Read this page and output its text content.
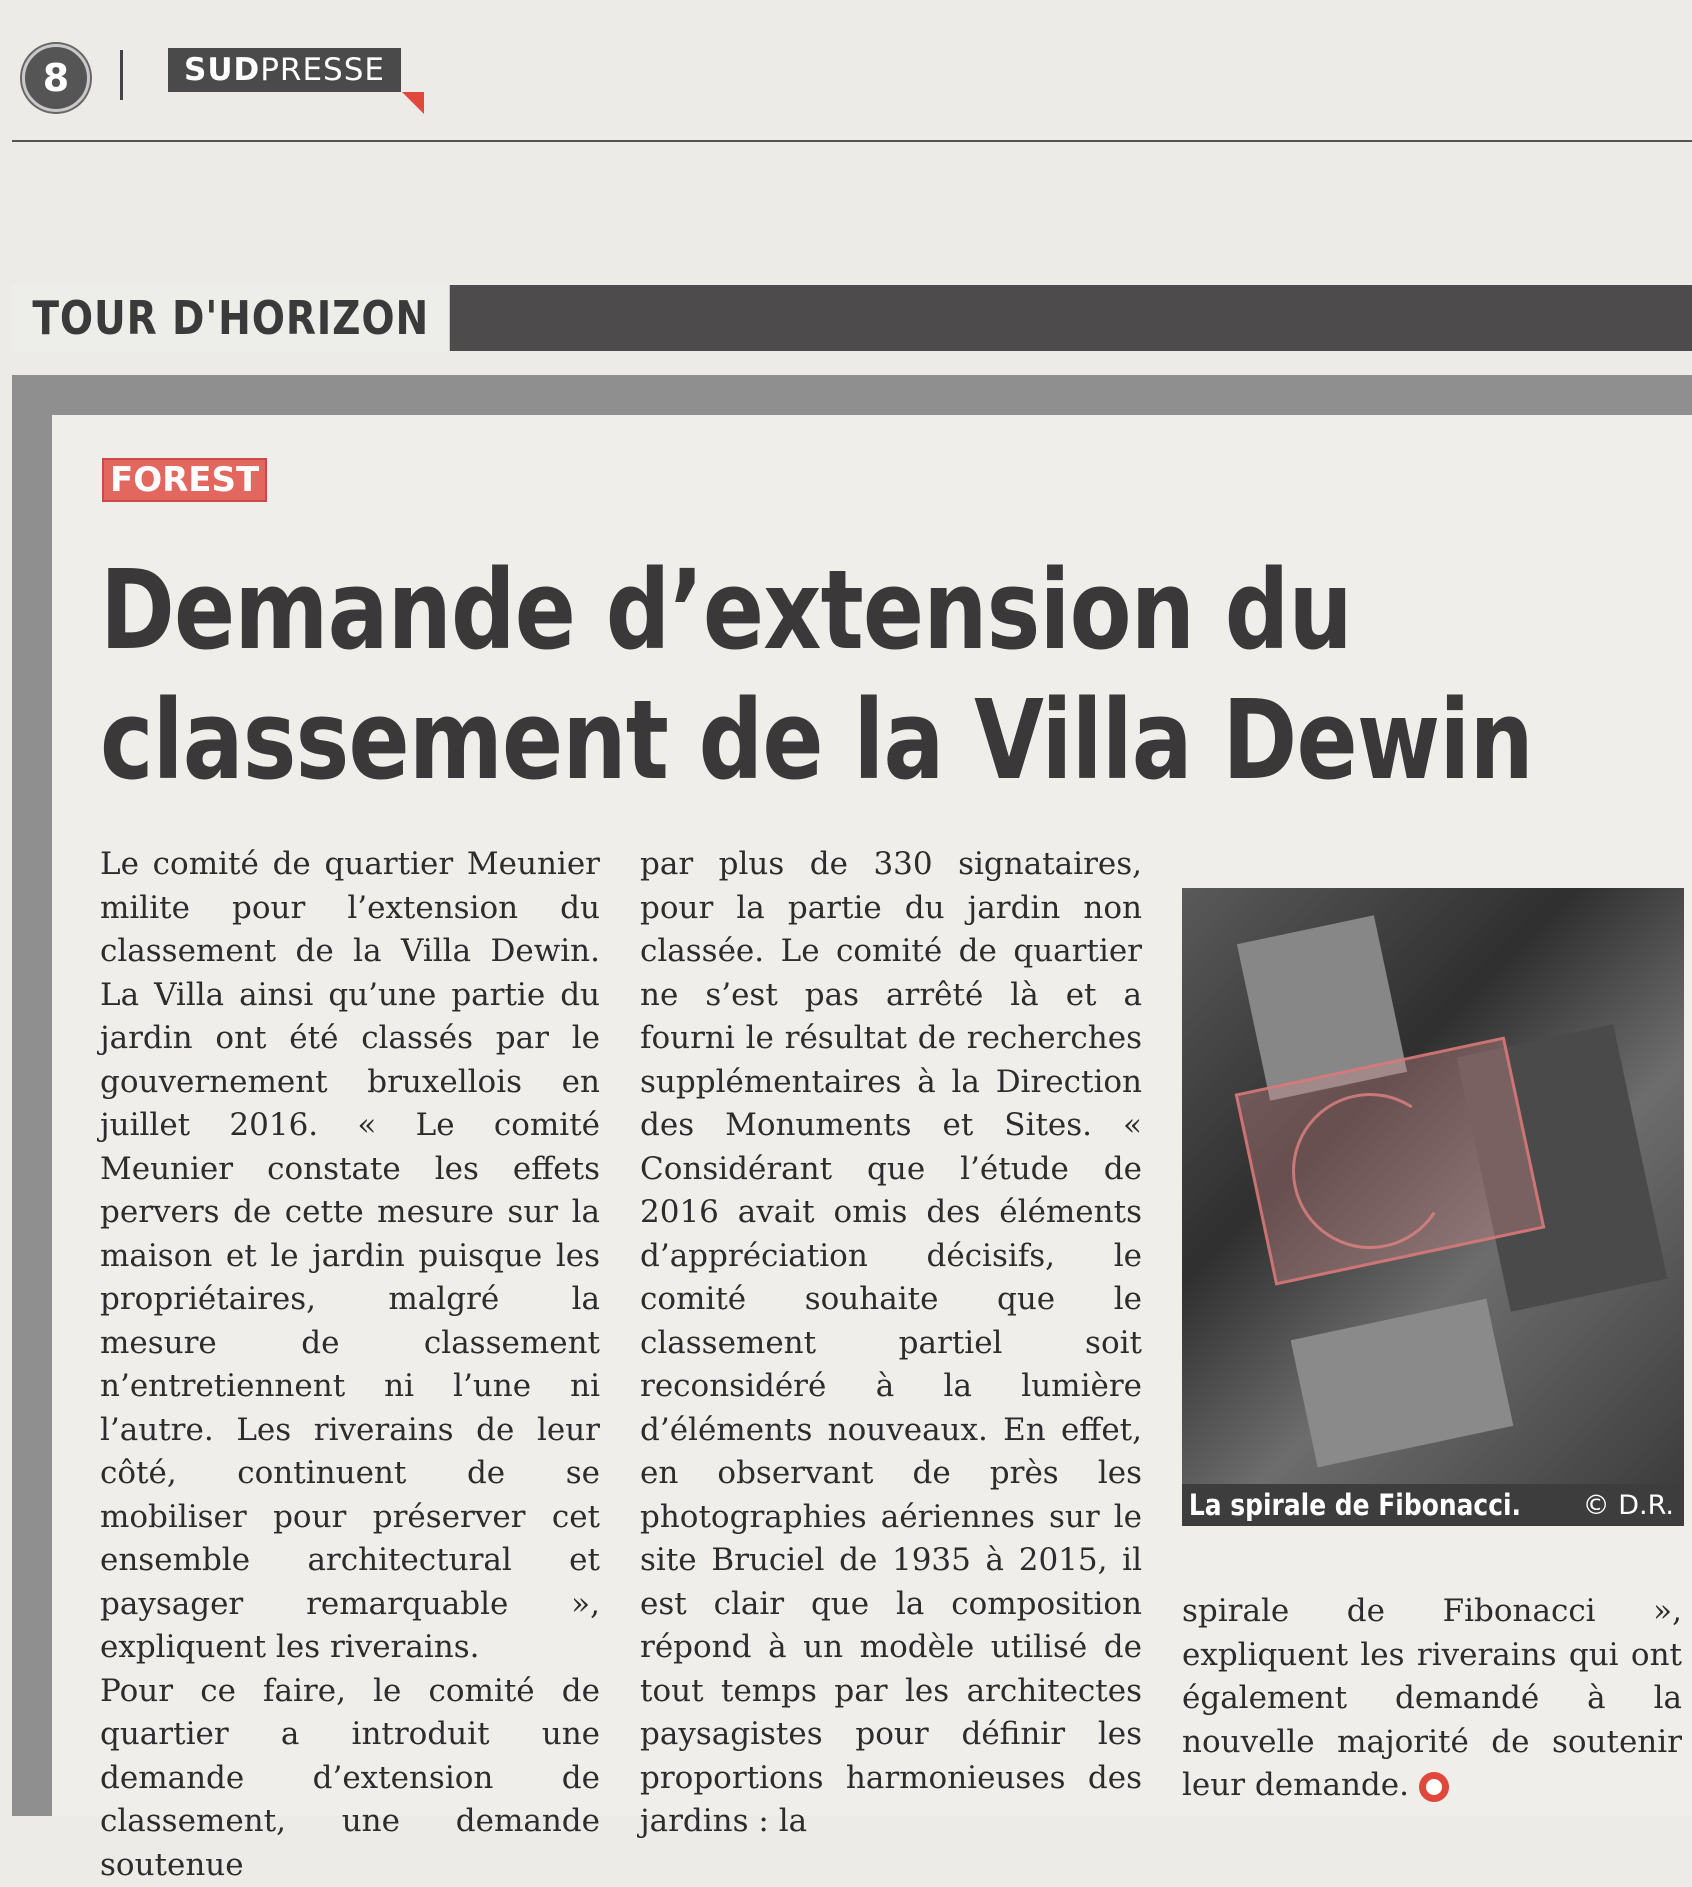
8	SUD PRESSE
TOUR D'HORIZON
FOREST
Demande d’extension du
classement de la Villa Dewin

Le comité de quartier Meunier milite pour l’extension du classement de la Villa Dewin. La Villa ainsi qu’une partie du jardin ont été classés par le gouvernement bruxellois en juillet 2016. « Le comité Meunier constate les effets pervers de cette mesure sur la maison et le jardin puisque les propriétaires, malgré la mesure de classement n’entretiennent ni l’une ni l’autre. Les riverains de leur côté, continuent de se mobiliser pour préserver cet ensemble architectural et paysager remarquable », expliquent les riverains.

Pour ce faire, le comité de quartier a introduit une demande d’extension de classement, une demande soutenue

par plus de 330 signataires, pour la partie du jardin non classée. Le comité de quartier ne s’est pas arrêté là et a fourni le résultat de recherches supplémentaires à la Direction des Monuments et Sites. « Considérant que l’étude de 2016 avait omis des éléments d’appréciation décisifs, le comité souhaite que le classement partiel soit reconsidéré à la lumière d’éléments nouveaux. En effet, en observant de près les photographies aériennes sur le site Bruciel de 1935 à 2015, il est clair que la composition répond à un modèle utilisé de tout temps par les architectes paysagistes pour définir les proportions harmonieuses des jardins : la

La spirale de Fibonacci. © D.R.

spirale de Fibonacci », expliquent les riverains qui ont également demandé à la nouvelle majorité de soutenir leur demande.
